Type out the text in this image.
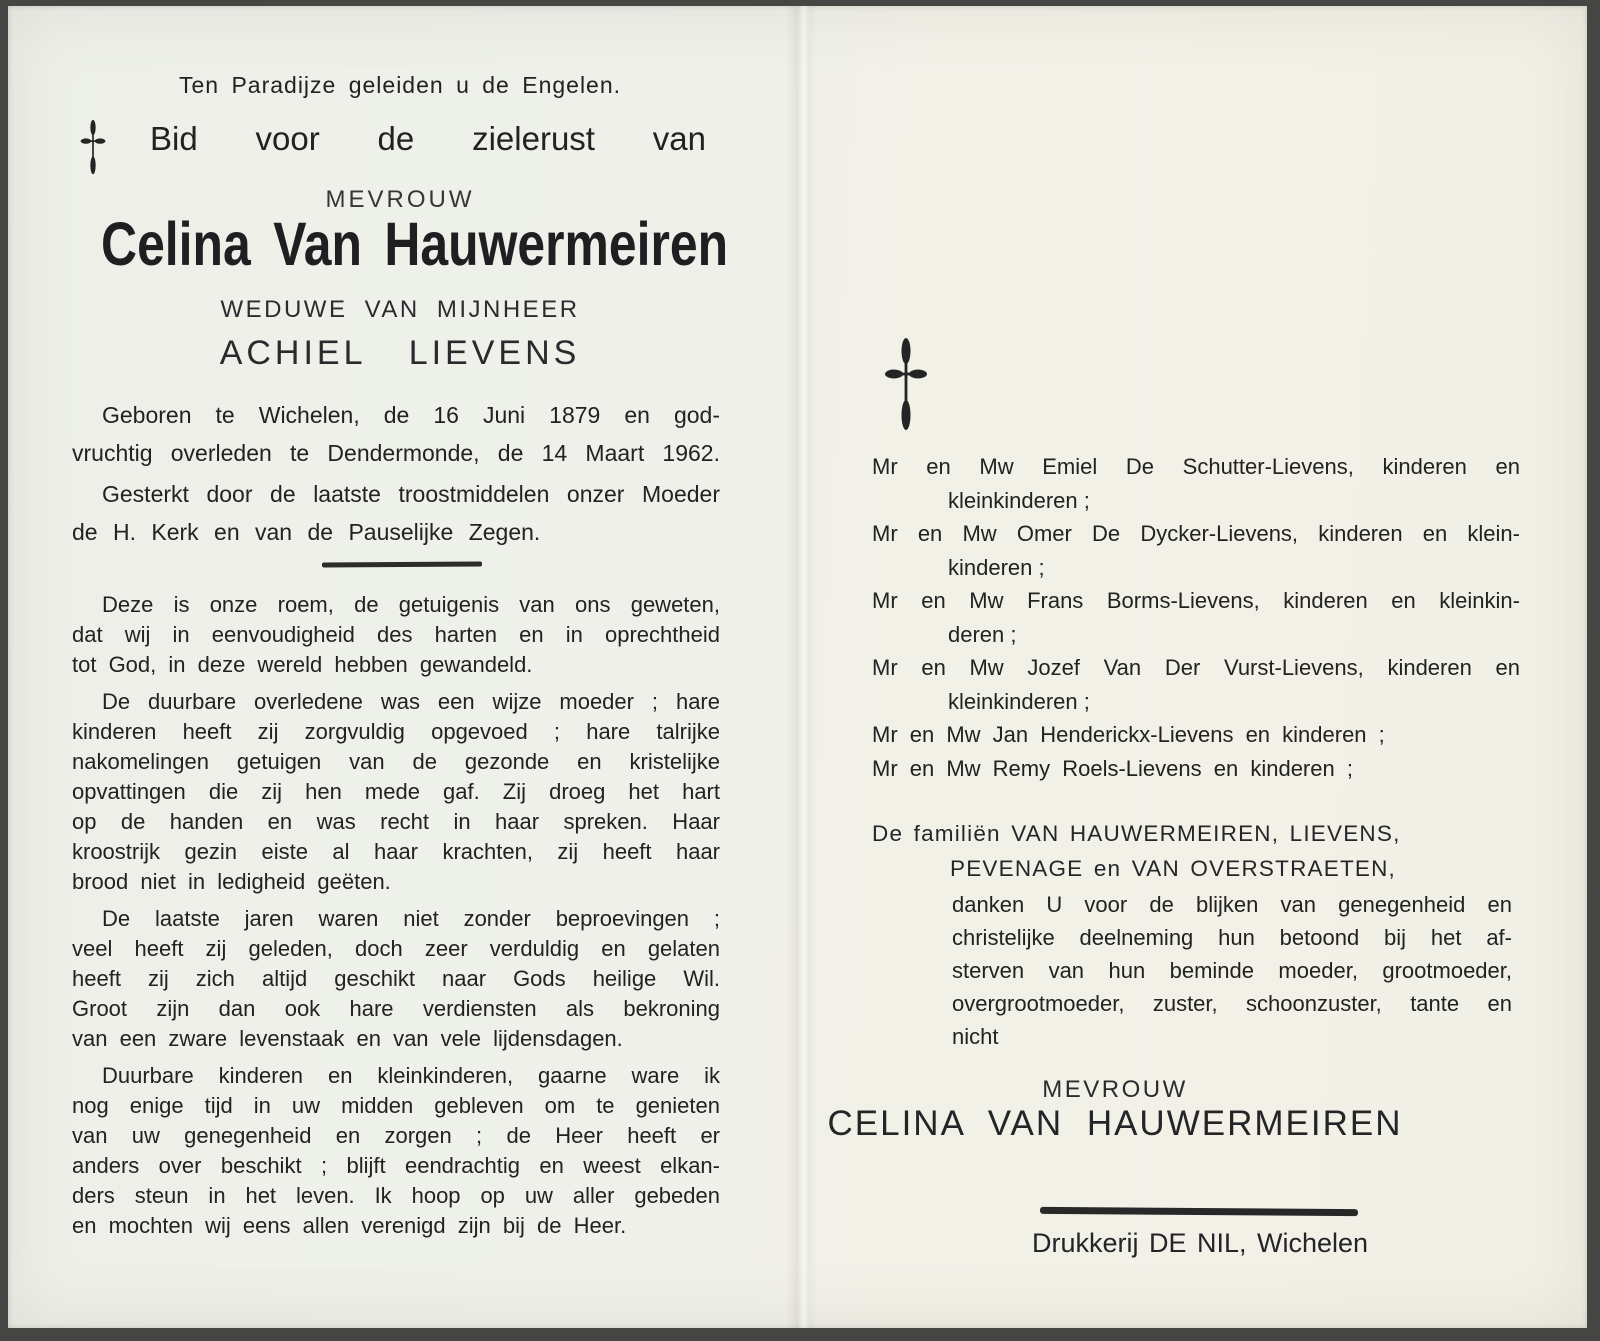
Ten Paradijze geleiden u de Engelen.
Bid voor de zielerust van
MEVROUW
Celina Van Hauwermeiren
WEDUWE VAN MIJNHEER
ACHIEL LIEVENS
Geboren te Wichelen, de 16 Juni 1879 en god-
vruchtig overleden te Dendermonde, de 14 Maart 1962.
Gesterkt door de laatste troostmiddelen onzer Moeder
de H. Kerk en van de Pauselijke Zegen.
Deze is onze roem, de getuigenis van ons geweten,
dat wij in eenvoudigheid des harten en in oprechtheid
tot God, in deze wereld hebben gewandeld.
De duurbare overledene was een wijze moeder ; hare
kinderen heeft zij zorgvuldig opgevoed ; hare talrijke
nakomelingen getuigen van de gezonde en kristelijke
opvattingen die zij hen mede gaf. Zij droeg het hart
op de handen en was recht in haar spreken. Haar
kroostrijk gezin eiste al haar krachten, zij heeft haar
brood niet in ledigheid geëten.
De laatste jaren waren niet zonder beproevingen ;
veel heeft zij geleden, doch zeer verduldig en gelaten
heeft zij zich altijd geschikt naar Gods heilige Wil.
Groot zijn dan ook hare verdiensten als bekroning
van een zware levenstaak en van vele lijdensdagen.
Duurbare kinderen en kleinkinderen, gaarne ware ik
nog enige tijd in uw midden gebleven om te genieten
van uw genegenheid en zorgen ; de Heer heeft er
anders over beschikt ; blijft eendrachtig en weest elkan-
ders steun in het leven. Ik hoop op uw aller gebeden
en mochten wij eens allen verenigd zijn bij de Heer.
Mr en Mw Emiel De Schutter-Lievens, kinderen en
kleinkinderen ;
Mr en Mw Omer De Dycker-Lievens, kinderen en klein-
kinderen ;
Mr en Mw Frans Borms-Lievens, kinderen en kleinkin-
deren ;
Mr en Mw Jozef Van Der Vurst-Lievens, kinderen en
kleinkinderen ;
Mr en Mw Jan Henderickx-Lievens en kinderen ;
Mr en Mw Remy Roels-Lievens en kinderen ;
De familiën VAN HAUWERMEIREN, LIEVENS,
PEVENAGE en VAN OVERSTRAETEN,
danken U voor de blijken van genegenheid en
christelijke deelneming hun betoond bij het af-
sterven van hun beminde moeder, grootmoeder,
overgrootmoeder, zuster, schoonzuster, tante en
nicht
MEVROUW
CELINA VAN HAUWERMEIREN
Drukkerij DE NIL, Wichelen
